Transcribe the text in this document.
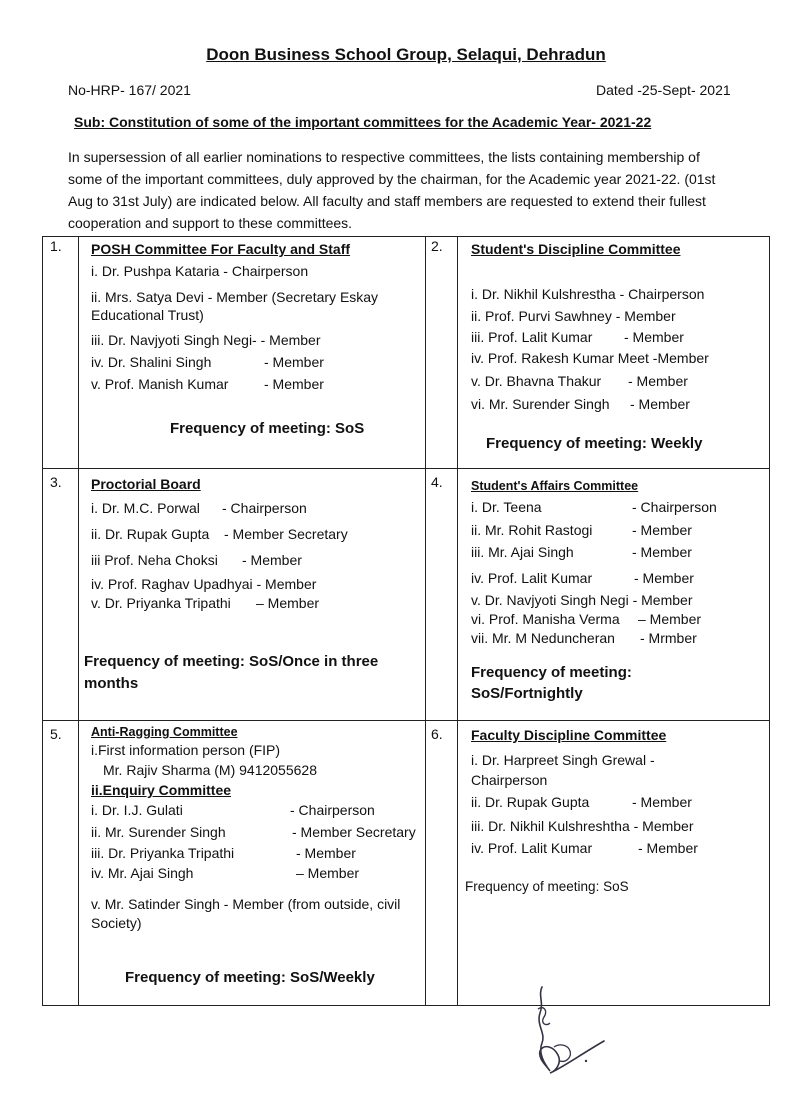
Doon Business School Group, Selaqui, Dehradun
No-HRP- 167/ 2021	Dated -25-Sept- 2021
Sub: Constitution of some of the important committees for the Academic Year- 2021-22
In supersession of all earlier nominations to respective committees, the lists containing membership of some of the important committees, duly approved by the chairman, for the Academic year 2021-22. (01st Aug to 31st July) are indicated below. All faculty and staff members are requested to extend their fullest cooperation and support to these committees.
1. POSH Committee For Faculty and Staff
i. Dr. Pushpa Kataria - Chairperson
ii. Mrs. Satya Devi - Member (Secretary Eskay
Educational Trust)
iii. Dr. Navjyoti Singh Negi- - Member
iv. Dr. Shalini Singh	- Member
v. Prof. Manish Kumar	- Member
Frequency of meeting: SoS
2. Student's Discipline Committee
i. Dr. Nikhil Kulshrestha - Chairperson
ii. Prof. Purvi Sawhney - Member
iii. Prof. Lalit Kumar - Member
iv. Prof. Rakesh Kumar Meet -Member
v. Dr. Bhavna Thakur - Member
vi. Mr. Surender Singh - Member
Frequency of meeting: Weekly
3. Proctorial Board
i. Dr. M.C. Porwal - Chairperson
ii. Dr. Rupak Gupta - Member Secretary
iii Prof. Neha Choksi - Member
iv. Prof. Raghav Upadhyai - Member
v. Dr. Priyanka Tripathi – Member
Frequency of meeting: SoS/Once in three
months
4. Student's Affairs Committee
i. Dr. Teena	- Chairperson
ii. Mr. Rohit Rastogi	- Member
iii. Mr. Ajai Singh	- Member
iv. Prof. Lalit Kumar	- Member
v. Dr. Navjyoti Singh Negi - Member
vi. Prof. Manisha Verma – Member
vii. Mr. M Neduncheran - Mrmber
Frequency of meeting:
SoS/Fortnightly
5. Anti-Ragging Committee
i.First information person (FIP)
Mr. Rajiv Sharma (M) 9412055628
ii.Enquiry Committee
i. Dr. I.J. Gulati	- Chairperson
ii. Mr. Surender Singh	- Member Secretary
iii. Dr. Priyanka Tripathi	- Member
iv. Mr. Ajai Singh	– Member
v. Mr. Satinder Singh - Member (from outside, civil
Society)
Frequency of meeting: SoS/Weekly
6. Faculty Discipline Committee
i. Dr. Harpreet Singh Grewal -
Chairperson
ii. Dr. Rupak Gupta	- Member
iii. Dr. Nikhil Kulshreshtha - Member
iv. Prof. Lalit Kumar	- Member
Frequency of meeting: SoS
